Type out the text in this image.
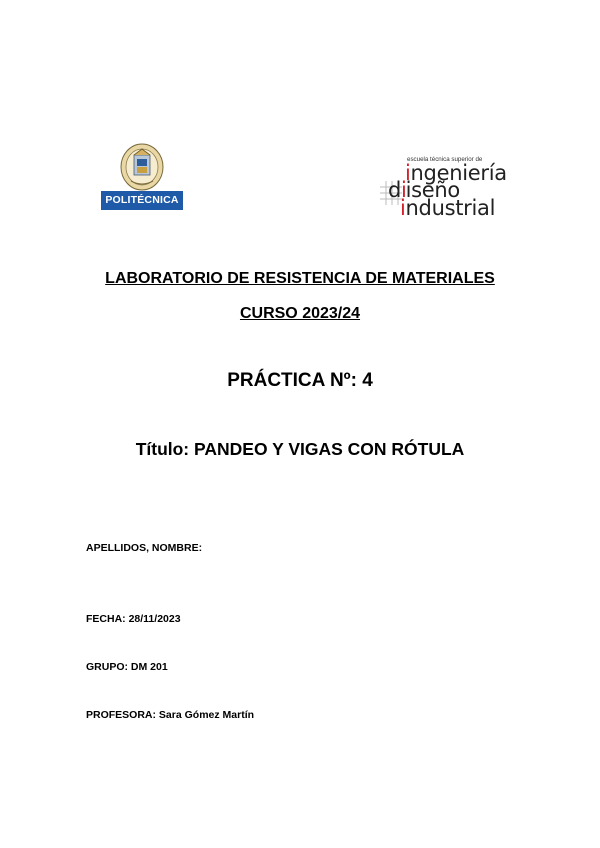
POLITÉCNICA
escuela técnica superior de
ingeniería
diiseño
industrial
LABORATORIO DE RESISTENCIA DE MATERIALES
CURSO 2023/24
PRÁCTICA Nº: 4
Título: PANDEO Y VIGAS CON RÓTULA
APELLIDOS, NOMBRE:
FECHA: 28/11/2023
GRUPO: DM 201
PROFESORA: Sara Gómez Martín
